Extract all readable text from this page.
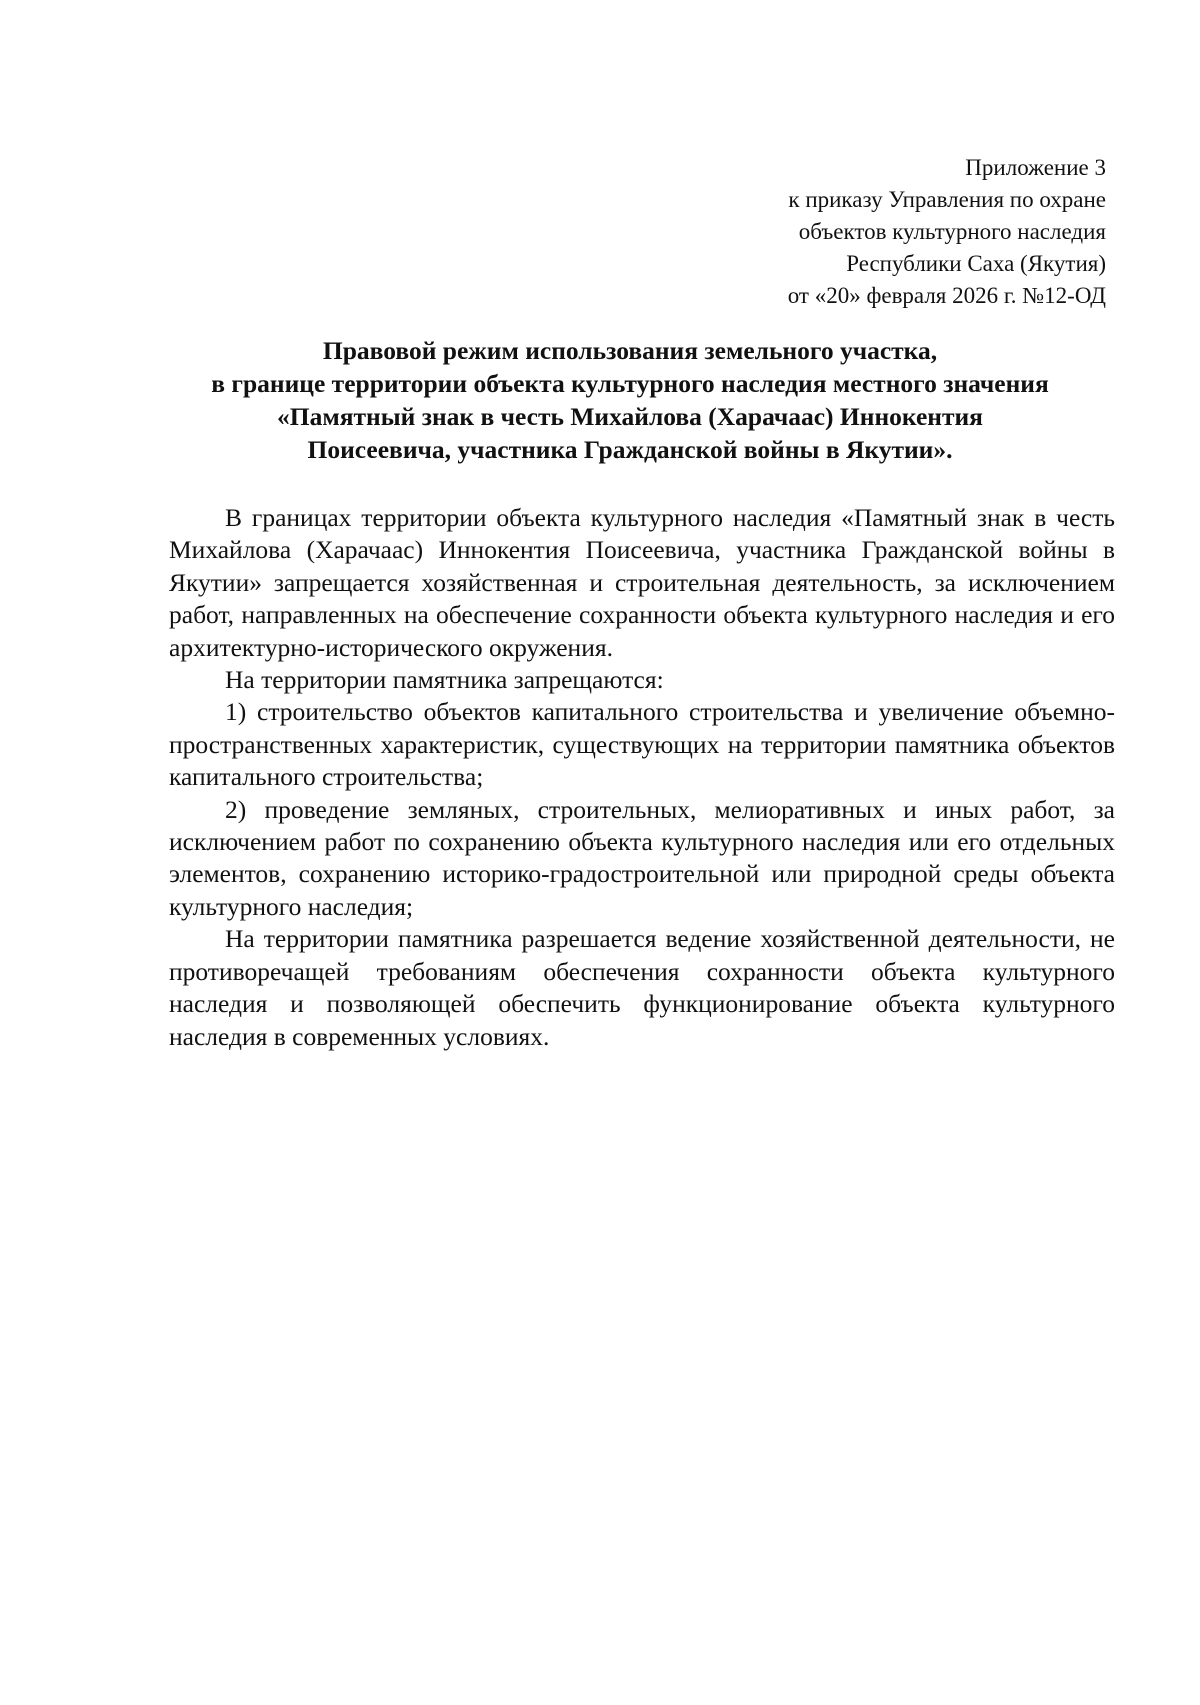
Приложение 3
к приказу Управления по охране
объектов культурного наследия
Республики Саха (Якутия)
от «20» февраля 2026 г. №12-ОД
Правовой режим использования земельного участка,
в границе территории объекта культурного наследия местного значения
«Памятный знак в честь Михайлова (Харачаас) Иннокентия
Поисеевича, участника Гражданской войны в Якутии».

В границах территории объекта культурного наследия «Памятный знак в честь Михайлова (Харачаас) Иннокентия Поисеевича, участника Гражданской войны в Якутии» запрещается хозяйственная и строительная деятельность, за исключением работ, направленных на обеспечение сохранности объекта культурного наследия и его архитектурно-исторического окружения.

На территории памятника запрещаются:

1) строительство объектов капитального строительства и увеличение объемно-пространственных характеристик, существующих на территории памятника объектов капитального строительства;

2) проведение земляных, строительных, мелиоративных и иных работ, за исключением работ по сохранению объекта культурного наследия или его отдельных элементов, сохранению историко-градостроительной или природной среды объекта культурного наследия;

На территории памятника разрешается ведение хозяйственной деятельности, не противоречащей требованиям обеспечения сохранности объекта культурного наследия и позволяющей обеспечить функционирование объекта культурного наследия в современных условиях.
